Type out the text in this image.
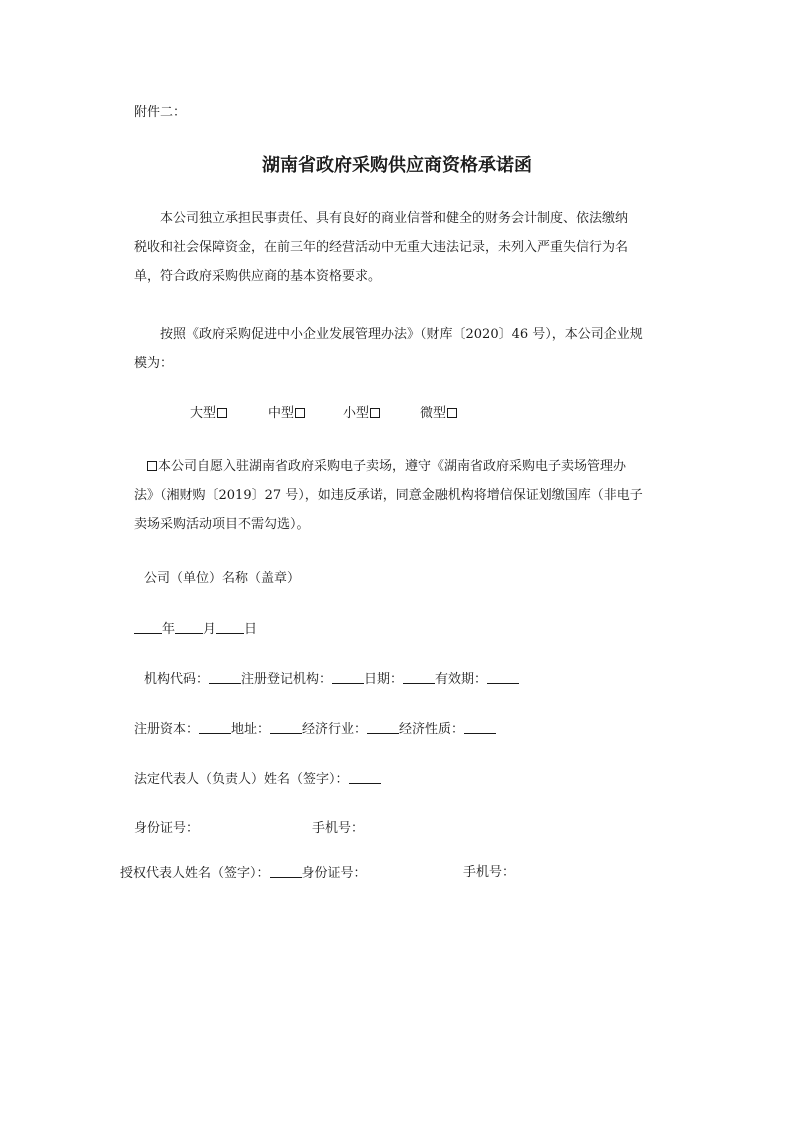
附件二：
湖南省政府采购供应商资格承诺函
本公司独立承担民事责任、具有良好的商业信誉和健全的财务会计制度、依法缴纳
税收和社会保障资金，在前三年的经营活动中无重大违法记录，未列入严重失信行为名
单，符合政府采购供应商的基本资格要求。
按照《政府采购促进中小企业发展管理办法》（财库〔2020〕46 号），本公司企业规
模为：
大型	中型	小型	微型
本公司自愿入驻湖南省政府采购电子卖场，遵守《湖南省政府采购电子卖场管理办
法》（湘财购〔2019〕27 号），如违反承诺，同意金融机构将增信保证划缴国库（非电子
卖场采购活动项目不需勾选）。
公司（单位）名称（盖章）
年 月 日
机构代码： 注册登记机构： 日期： 有效期：
注册资本： 地址： 经济行业： 经济性质：
法定代表人（负责人）姓名（签字）：
身份证号：	手机号：
授权代表人姓名（签字）： 身份证号：	手机号：
